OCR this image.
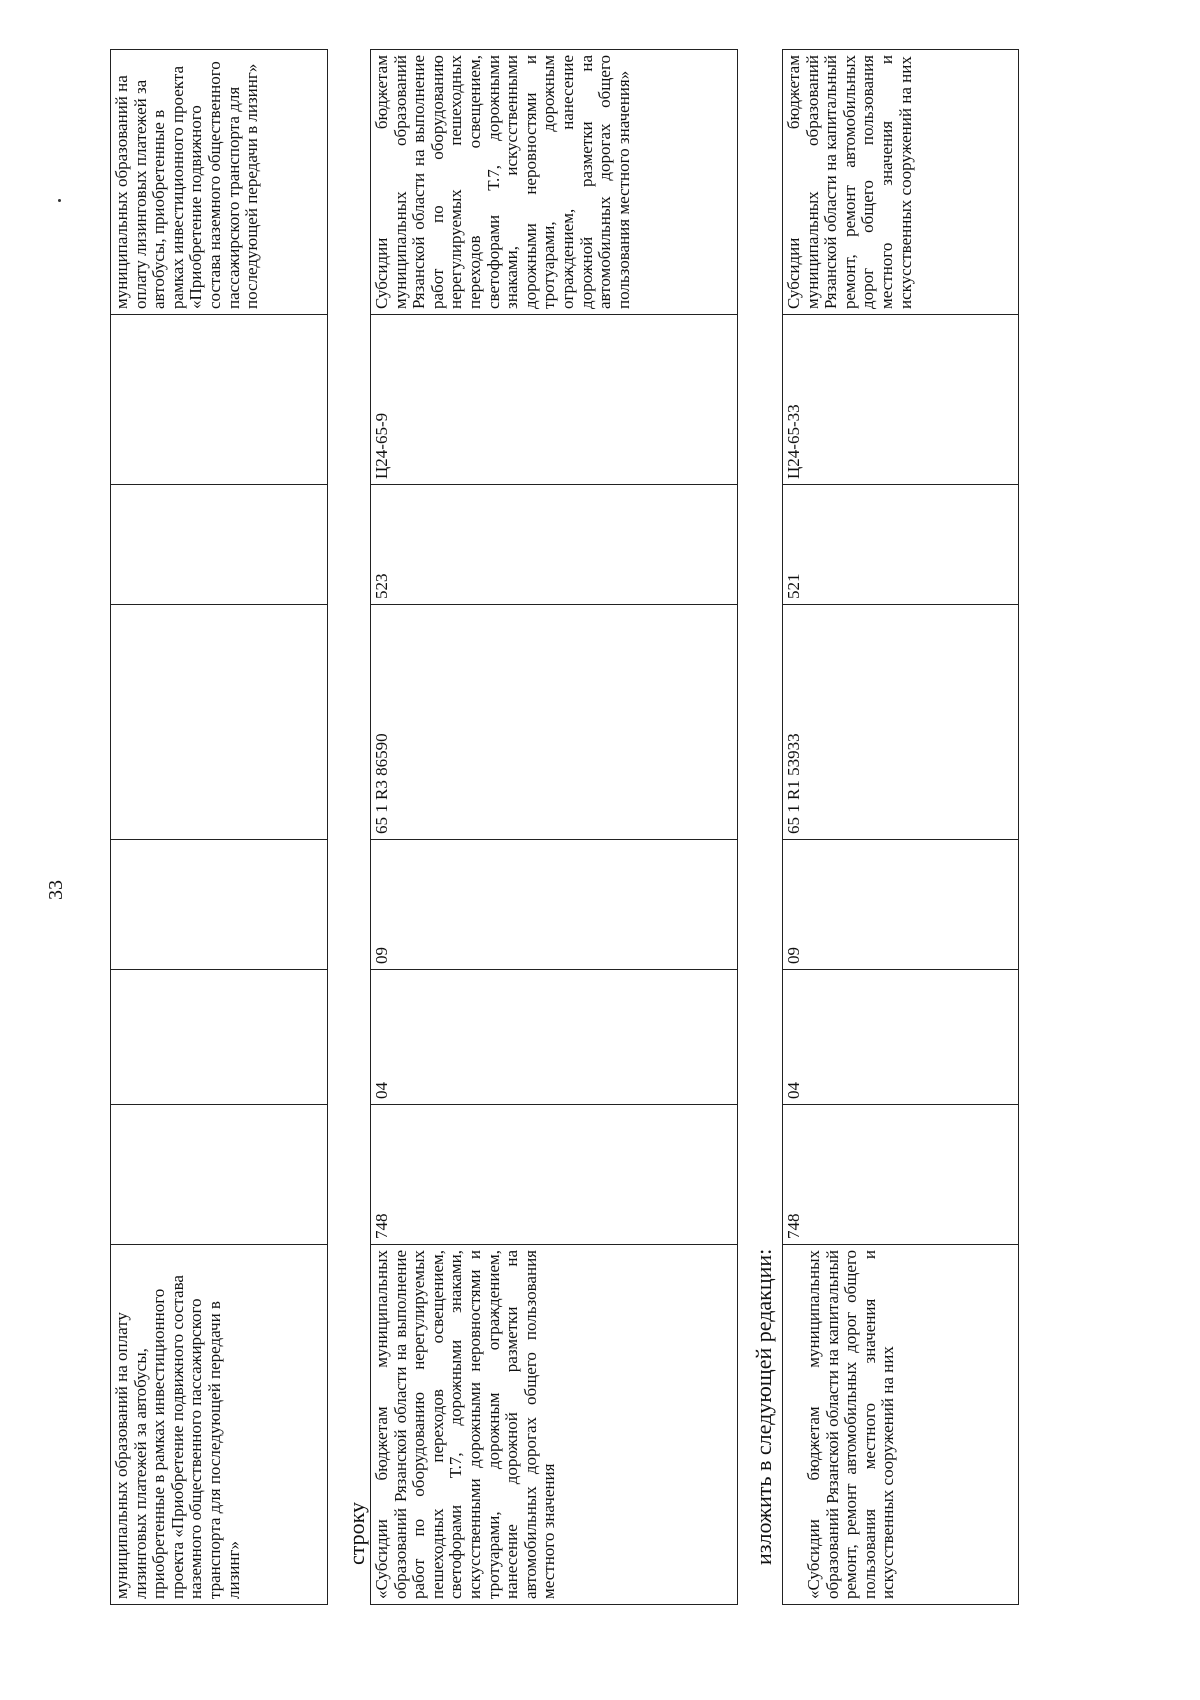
33
муниципальных образований на оплату лизинговых платежей за автобусы, приобретенные в рамках инвестиционного проекта «Приобретение подвижного состава наземного общественного пассажирского транспорта для последующей передачи в лизинг»							муниципальных образований на оплату лизинговых платежей за автобусы, приобретенные в рамках инвестиционного проекта «Приобретение подвижного состава наземного общественного пассажирского транспорта для последующей передачи в лизинг»
строку «Субсидии бюджетам муниципальных образований Рязанской области на выполнение работ по оборудованию нерегулируемых пешеходных переходов освещением, светофорами Т.7, дорожными знаками, искусственными дорожными неровностями и тротуарами, дорожным ограждением, нанесение дорожной разметки на автомобильных дорогах общего пользования местного значения	748	04	09	65 1 R3 86590	523	Ц24-65-9	Субсидии бюджетам муниципальных образований Рязанской области на выполнение работ по оборудованию нерегулируемых пешеходных переходов освещением, светофорами Т.7, дорожными знаками, искусственными дорожными неровностями и тротуарами, дорожным ограждением, нанесение дорожной разметки на автомобильных дорогах общего пользования местного значения»
изложить в следующей редакции: «Субсидии бюджетам муниципальных образований Рязанской области на капитальный ремонт, ремонт автомобильных дорог общего пользования местного значения и искусственных сооружений на них	748	04	09	65 1 R1 53933	521	Ц24-65-33	Субсидии бюджетам муниципальных образований Рязанской области на капитальный ремонт, ремонт автомобильных дорог общего пользования местного значения и искусственных сооружений на них
